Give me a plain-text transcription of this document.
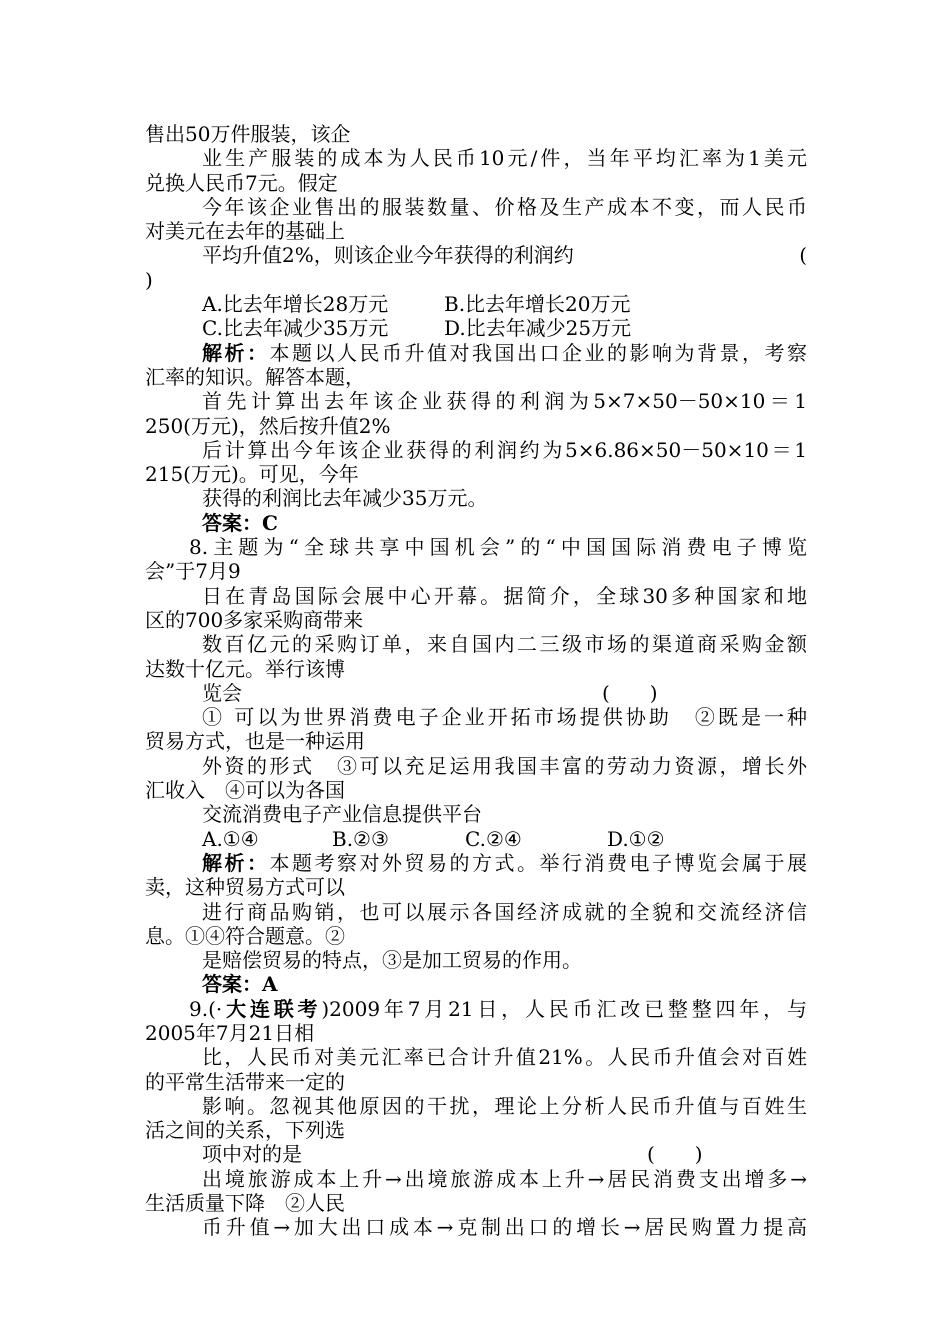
售出50万件服装，该企
业生产服装的成本为人民币10元/件，当年平均汇率为1美元
兑换人民币7元。假定
今年该企业售出的服装数量、价格及生产成本不变，而人民币
对美元在去年的基础上
平均升值2%，则该企业今年获得的利润约	(
)
A.比去年增长28万元	B.比去年增长20万元
C.比去年减少35万元	D.比去年减少25万元
解析：本题以人民币升值对我国出口企业的影响为背景，考察
汇率的知识。解答本题，
首先计算出去年该企业获得的利润为5×7×50－50×10＝1
250(万元)，然后按升值2%
后计算出今年该企业获得的利润约为5×6.86×50－50×10＝1
215(万元)。可见，今年
获得的利润比去年减少35万元。
答案：C
8.主题为“全球共享中国机会”的“中国国际消费电子博览
会”于7月9
日在青岛国际会展中心开幕。据简介，全球30多种国家和地
区的700多家采购商带来
数百亿元的采购订单，来自国内二三级市场的渠道商采购金额
达数十亿元。举行该博
览会	(　　)
① 可以为世界消费电子企业开拓市场提供协助　②既是一种
贸易方式，也是一种运用
外资的形式　③可以充足运用我国丰富的劳动力资源，增长外
汇收入　④可以为各国
交流消费电子产业信息提供平台
A.①④	B.②③	C.②④	D.①②
解析：本题考察对外贸易的方式。举行消费电子博览会属于展
卖，这种贸易方式可以
进行商品购销，也可以展示各国经济成就的全貌和交流经济信
息。①④符合题意。②
是赔偿贸易的特点，③是加工贸易的作用。
答案：A
9.(·大连联考)2009年7月21日，人民币汇改已整整四年，与
2005年7月21日相
比，人民币对美元汇率已合计升值21%。人民币升值会对百姓
的平常生活带来一定的
影响。忽视其他原因的干扰，理论上分析人民币升值与百姓生
活之间的关系，下列选
项中对的是	(　　)
出境旅游成本上升→出境旅游成本上升→居民消费支出增多→
生活质量下降　②人民
币升值→加大出口成本→克制出口的增长→居民购置力提高
